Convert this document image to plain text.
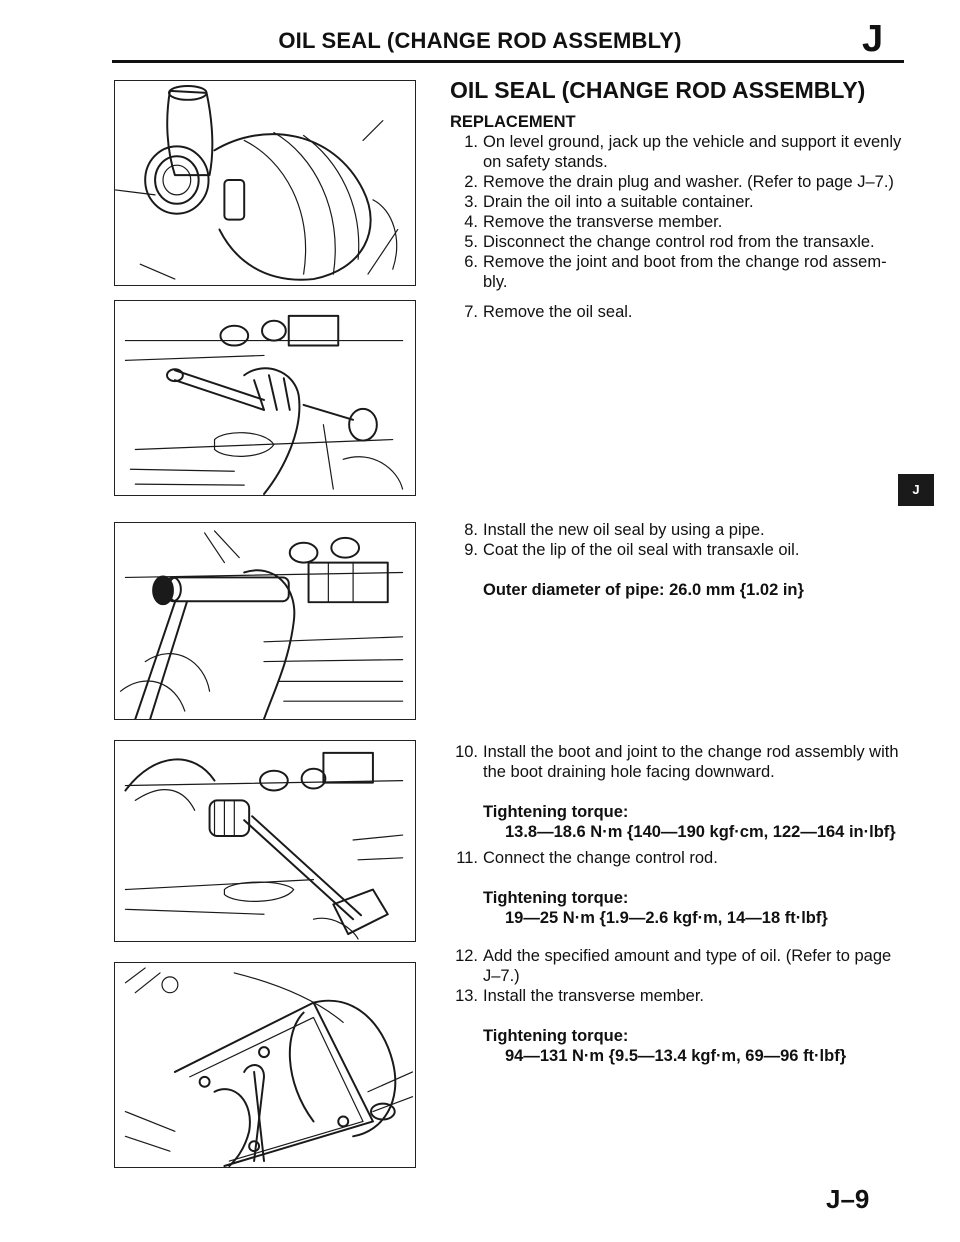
OIL SEAL (CHANGE ROD ASSEMBLY)	J
OIL SEAL (CHANGE ROD ASSEMBLY)

REPLACEMENT

1. On level ground, jack up the vehicle and support it evenly on safety stands.

2. Remove the drain plug and washer. (Refer to page J–7.)

3. Drain the oil into a suitable container.

4. Remove the transverse member.

5. Disconnect the change control rod from the transaxle.

6. Remove the joint and boot from the change rod assembly.

7. Remove the oil seal.

8. Install the new oil seal by using a pipe.

9. Coat the lip of the oil seal with transaxle oil.

Outer diameter of pipe: 26.0 mm {1.02 in}

10. Install the boot and joint to the change rod assembly with the boot draining hole facing downward.

Tightening torque:
13.8—18.6 N·m {140—190 kgf·cm, 122—164 in·lbf}

11. Connect the change control rod.

Tightening torque:
19—25 N·m {1.9—2.6 kgf·m, 14—18 ft·lbf}

12. Add the specified amount and type of oil. (Refer to page J–7.)

13. Install the transverse member.

Tightening torque:
94—131 N·m {9.5—13.4 kgf·m, 69—96 ft·lbf}
J
J–9
